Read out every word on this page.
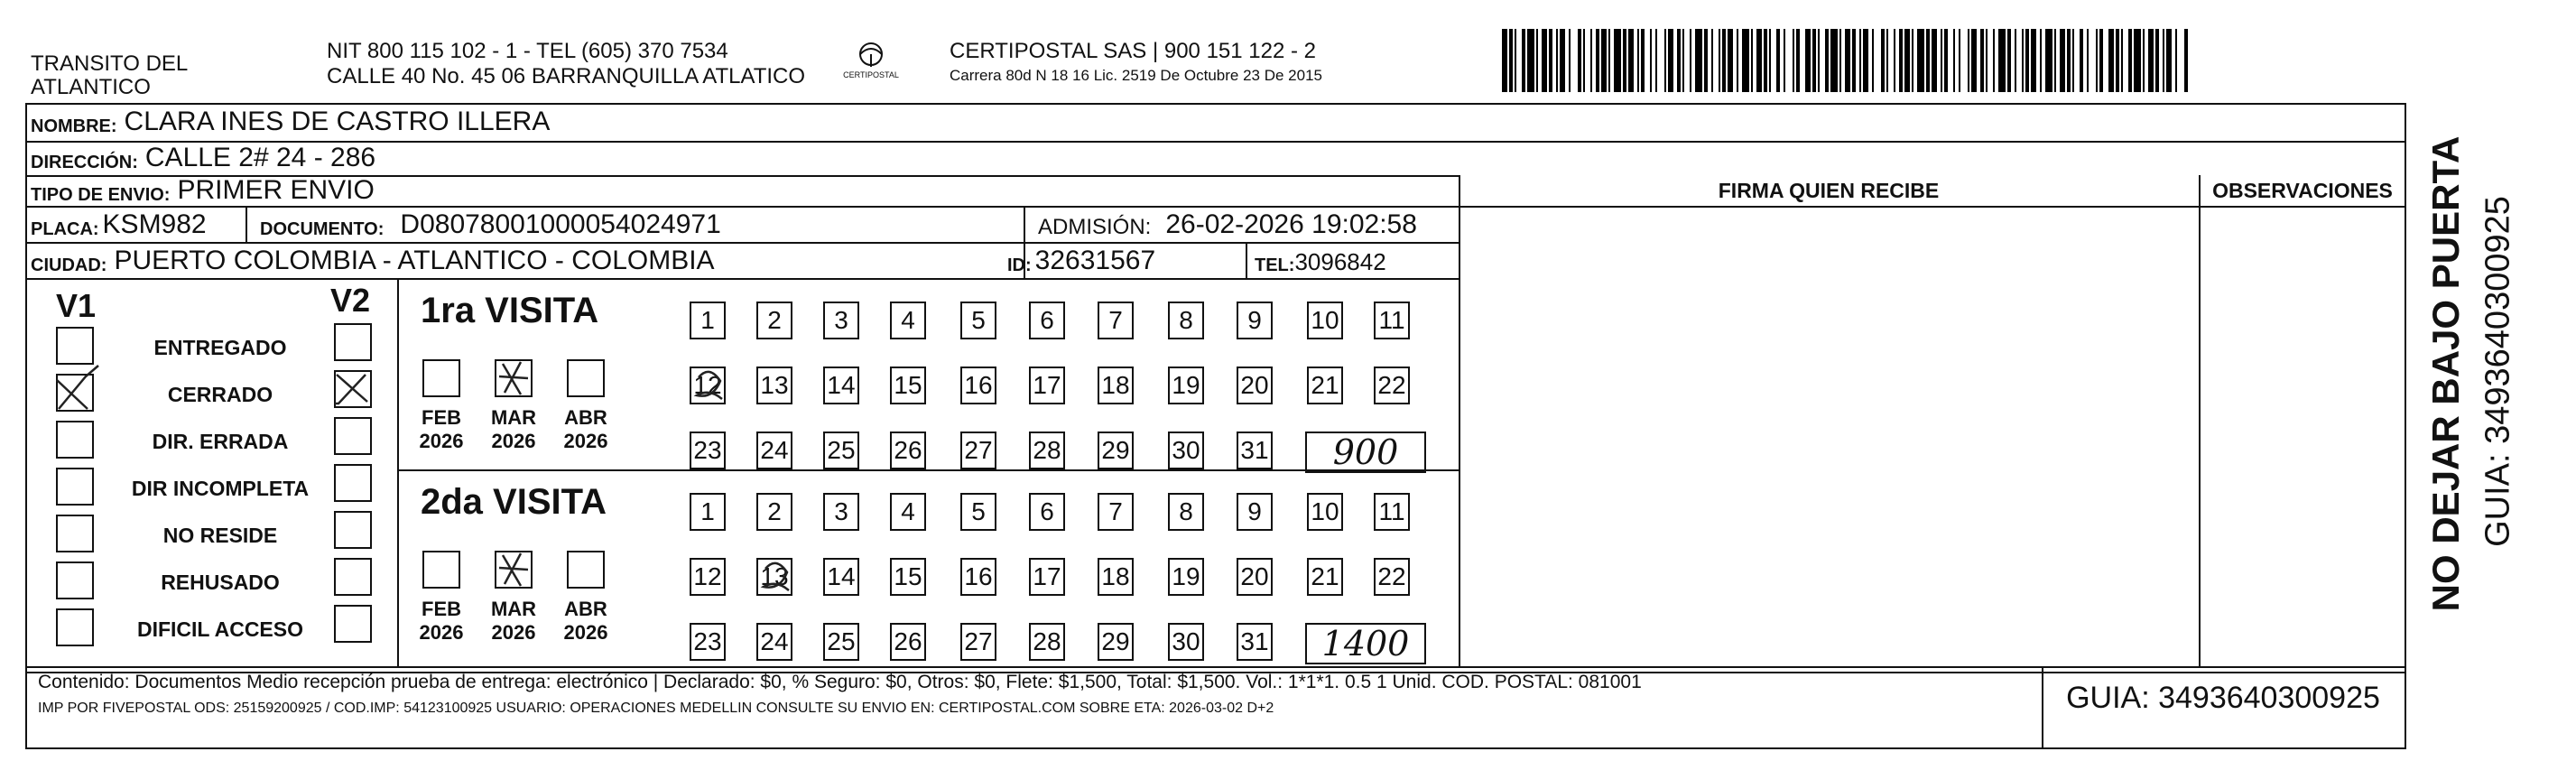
TRANSITO DEL ATLANTICO
NIT 800 115 102 - 1 - TEL (605) 370 7534
CALLE 40 No. 45 06 BARRANQUILLA ATLATICO	CERTIPOSTAL
CERTIPOSTAL SAS | 900 151 122 - 2
Carrera 80d N 18 16 Lic. 2519 De Octubre 23 De 2015
NOMBRE: CLARA INES DE CASTRO ILLERA
DIRECCIÓN: CALLE 2# 24 - 286
TIPO DE ENVIO: PRIMER ENVIO
PLACA: KSM982	DOCUMENTO: D08078001000054024971	ADMISIÓN: 26-02-2026 19:02:58
CIUDAD: PUERTO COLOMBIA - ATLANTICO - COLOMBIA	ID: 32631567	TEL: 3096842
FIRMA QUIEN RECIBE	OBSERVACIONES
V1	V2
ENTREGADO
CERRADO
DIR. ERRADA
DIR INCOMPLETA
NO RESIDE
REHUSADO
DIFICIL ACCESO
1ra VISITA
FEB
2026
MAR
2026
ABR
2026
1	2	3	4	5	6	7	8	9	10 11
12 13 14 15 16 17 18 19 20 21 22
23 24 25 26 27 28 29 30 31	900
2da VISITA
FEB
2026
MAR
2026
ABR
2026
1	2	3	4	5	6	7	8	9	10 11
12 13 14 15 16 17 18 19 20 21 22
23 24 25 26 27 28 29 30 31	1400
NO DEJAR BAJO PUERTA GUIA: 3493640300925
Contenido: Documentos Medio recepción prueba de entrega: electrónico | Declarado: $0, % Seguro: $0, Otros: $0, Flete: $1,500, Total: $1,500. Vol.: 1*1*1. 0.5 1 Unid. COD. POSTAL: 081001
IMP POR FIVEPOSTAL ODS: 25159200925 / COD.IMP: 54123100925 USUARIO: OPERACIONES MEDELLIN CONSULTE SU ENVIO EN: CERTIPOSTAL.COM SOBRE ETA: 2026-03-02 D+2	GUIA: 3493640300925
